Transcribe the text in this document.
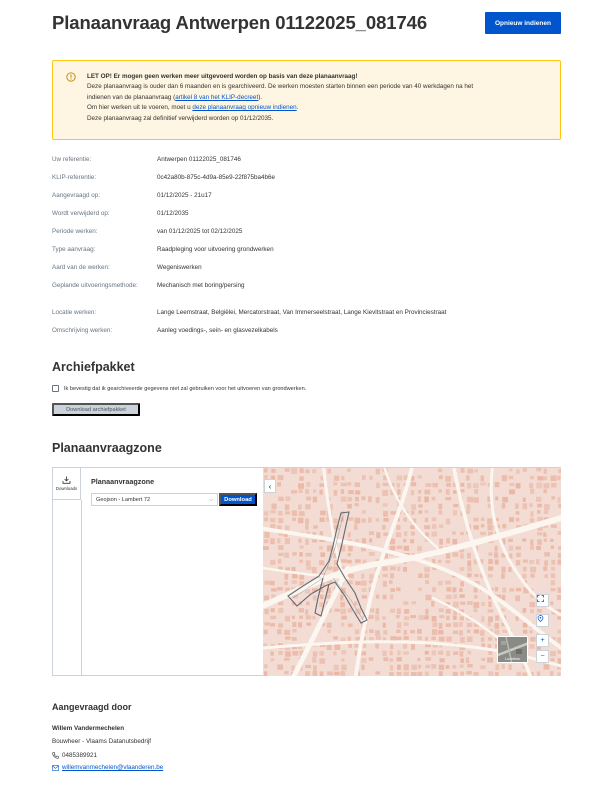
Planaanvraag Antwerpen 01122025_081746	Opnieuw indienen
LET OP! Er mogen geen werken meer uitgevoerd worden op basis van deze planaanvraag!
Deze planaanvraag is ouder dan 6 maanden en is gearchiveerd. De werken moesten starten binnen een periode van 40 werkdagen na het
indienen van de planaanvraag (artikel 8 van het KLIP-decreet).
Om hier werken uit te voeren, moet u deze planaanvraag opnieuw indienen.
Deze planaanvraag zal definitief verwijderd worden op 01/12/2035.
Uw referentie:	Antwerpen 01122025_081746
KLIP-referentie:	0c42a80b-875c-4d9a-85e9-22f875ba4b6e
Aangevraagd op:	01/12/2025 - 21u17
Wordt verwijderd op:	01/12/2035
Periode werken:	van 01/12/2025 tot 02/12/2025
Type aanvraag:	Raadpleging voor uitvoering grondwerken
Aard van de werken:	Wegeniswerken
Geplande uitvoeringsmethode:	Mechanisch met boring/persing
Locatie werken:	Lange Leemstraat, Belgiëlei, Mercatorstraat, Van Immerseelstraat, Lange Kievitstraat en Provinciestraat
Omschrijving werken:	Aanleg voedings-, sein- en glasvezelkabels
Archiefpakket
Ik bevestig dat ik gearchiveerde gegevens niet zal gebruiken voor het uitvoeren van grondwerken.
Download archiefpakket
Planaanvraagzone
Downloads
Planaanvraagzone
Geojson - Lambert 72	⌵	Download
‹
+
−
Luchtfoto
Aangevraagd door
Willem Vandermechelen
Bouwheer - Vlaams Datanutsbedrijf
0485389921
willemvanmechelen@vlaanderen.be
